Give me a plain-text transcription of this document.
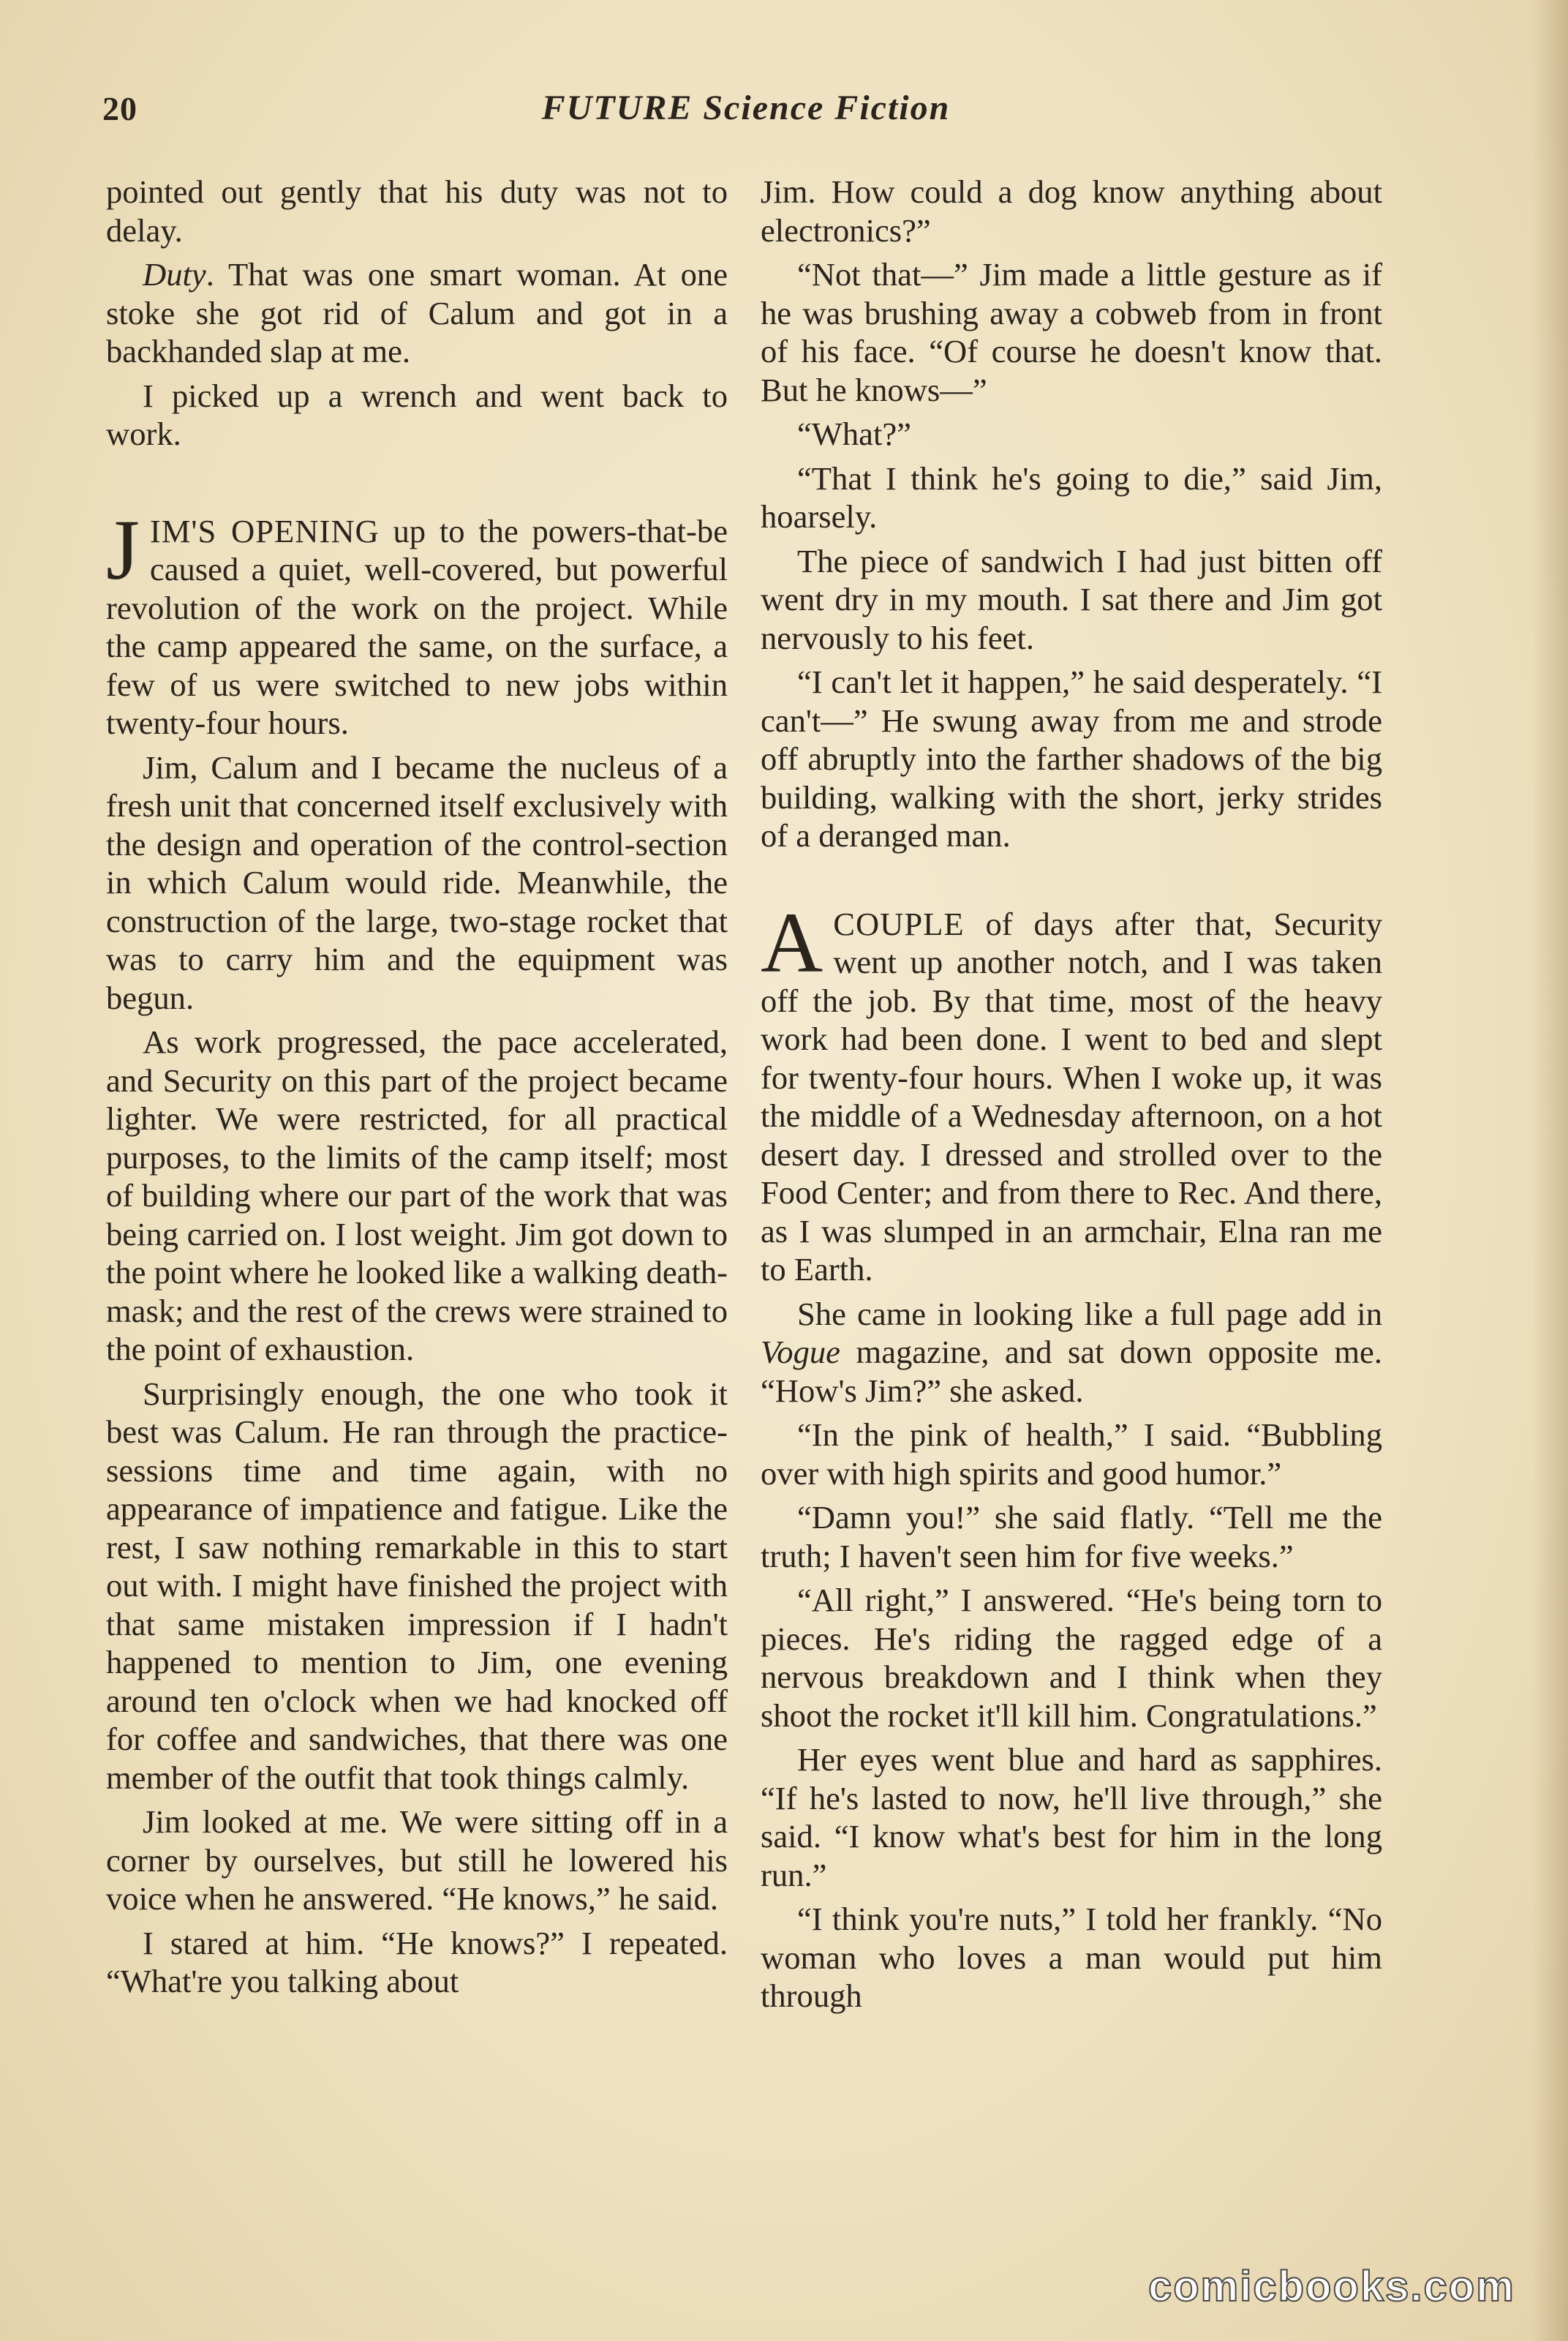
20	FUTURE Science Fiction

pointed out gently that his duty was not to delay.

Duty. That was one smart woman. At one stoke she got rid of Calum and got in a backhanded slap at me.

I picked up a wrench and went back to work.

JIM'S OPENING up to the powers-that-be caused a quiet, well-covered, but powerful revolution of the work on the project. While the camp appeared the same, on the surface, a few of us were switched to new jobs within twenty-four hours.

Jim, Calum and I became the nucleus of a fresh unit that concerned itself exclusively with the design and operation of the control-section in which Calum would ride. Meanwhile, the construction of the large, two-stage rocket that was to carry him and the equipment was begun.

As work progressed, the pace accelerated, and Security on this part of the project became lighter. We were restricted, for all practical purposes, to the limits of the camp itself; most of building where our part of the work that was being carried on. I lost weight. Jim got down to the point where he looked like a walking death-mask; and the rest of the crews were strained to the point of exhaustion.

Surprisingly enough, the one who took it best was Calum. He ran through the practice-sessions time and time again, with no appearance of impatience and fatigue. Like the rest, I saw nothing remarkable in this to start out with. I might have finished the project with that same mistaken impression if I hadn't happened to mention to Jim, one evening around ten o'clock when we had knocked off for coffee and sandwiches, that there was one member of the outfit that took things calmly.

Jim looked at me. We were sitting off in a corner by ourselves, but still he lowered his voice when he answered. “He knows,” he said.

I stared at him. “He knows?” I repeated. “What're you talking about

Jim. How could a dog know anything about electronics?”

“Not that—” Jim made a little gesture as if he was brushing away a cobweb from in front of his face. “Of course he doesn't know that. But he knows—”

“What?”

“That I think he's going to die,” said Jim, hoarsely.

The piece of sandwich I had just bitten off went dry in my mouth. I sat there and Jim got nervously to his feet.

“I can't let it happen,” he said desperately. “I can't—” He swung away from me and strode off abruptly into the farther shadows of the big building, walking with the short, jerky strides of a deranged man.

ACOUPLE of days after that, Security went up another notch, and I was taken off the job. By that time, most of the heavy work had been done. I went to bed and slept for twenty-four hours. When I woke up, it was the middle of a Wednesday afternoon, on a hot desert day. I dressed and strolled over to the Food Center; and from there to Rec. And there, as I was slumped in an armchair, Elna ran me to Earth.

She came in looking like a full page add in Vogue magazine, and sat down opposite me. “How's Jim?” she asked.

“In the pink of health,” I said. “Bubbling over with high spirits and good humor.”

“Damn you!” she said flatly. “Tell me the truth; I haven't seen him for five weeks.”

“All right,” I answered. “He's being torn to pieces. He's riding the ragged edge of a nervous breakdown and I think when they shoot the rocket it'll kill him. Congratulations.”

Her eyes went blue and hard as sapphires. “If he's lasted to now, he'll live through,” she said. “I know what's best for him in the long run.”

“I think you're nuts,” I told her frankly. “No woman who loves a man would put him through

comicbooks.com
